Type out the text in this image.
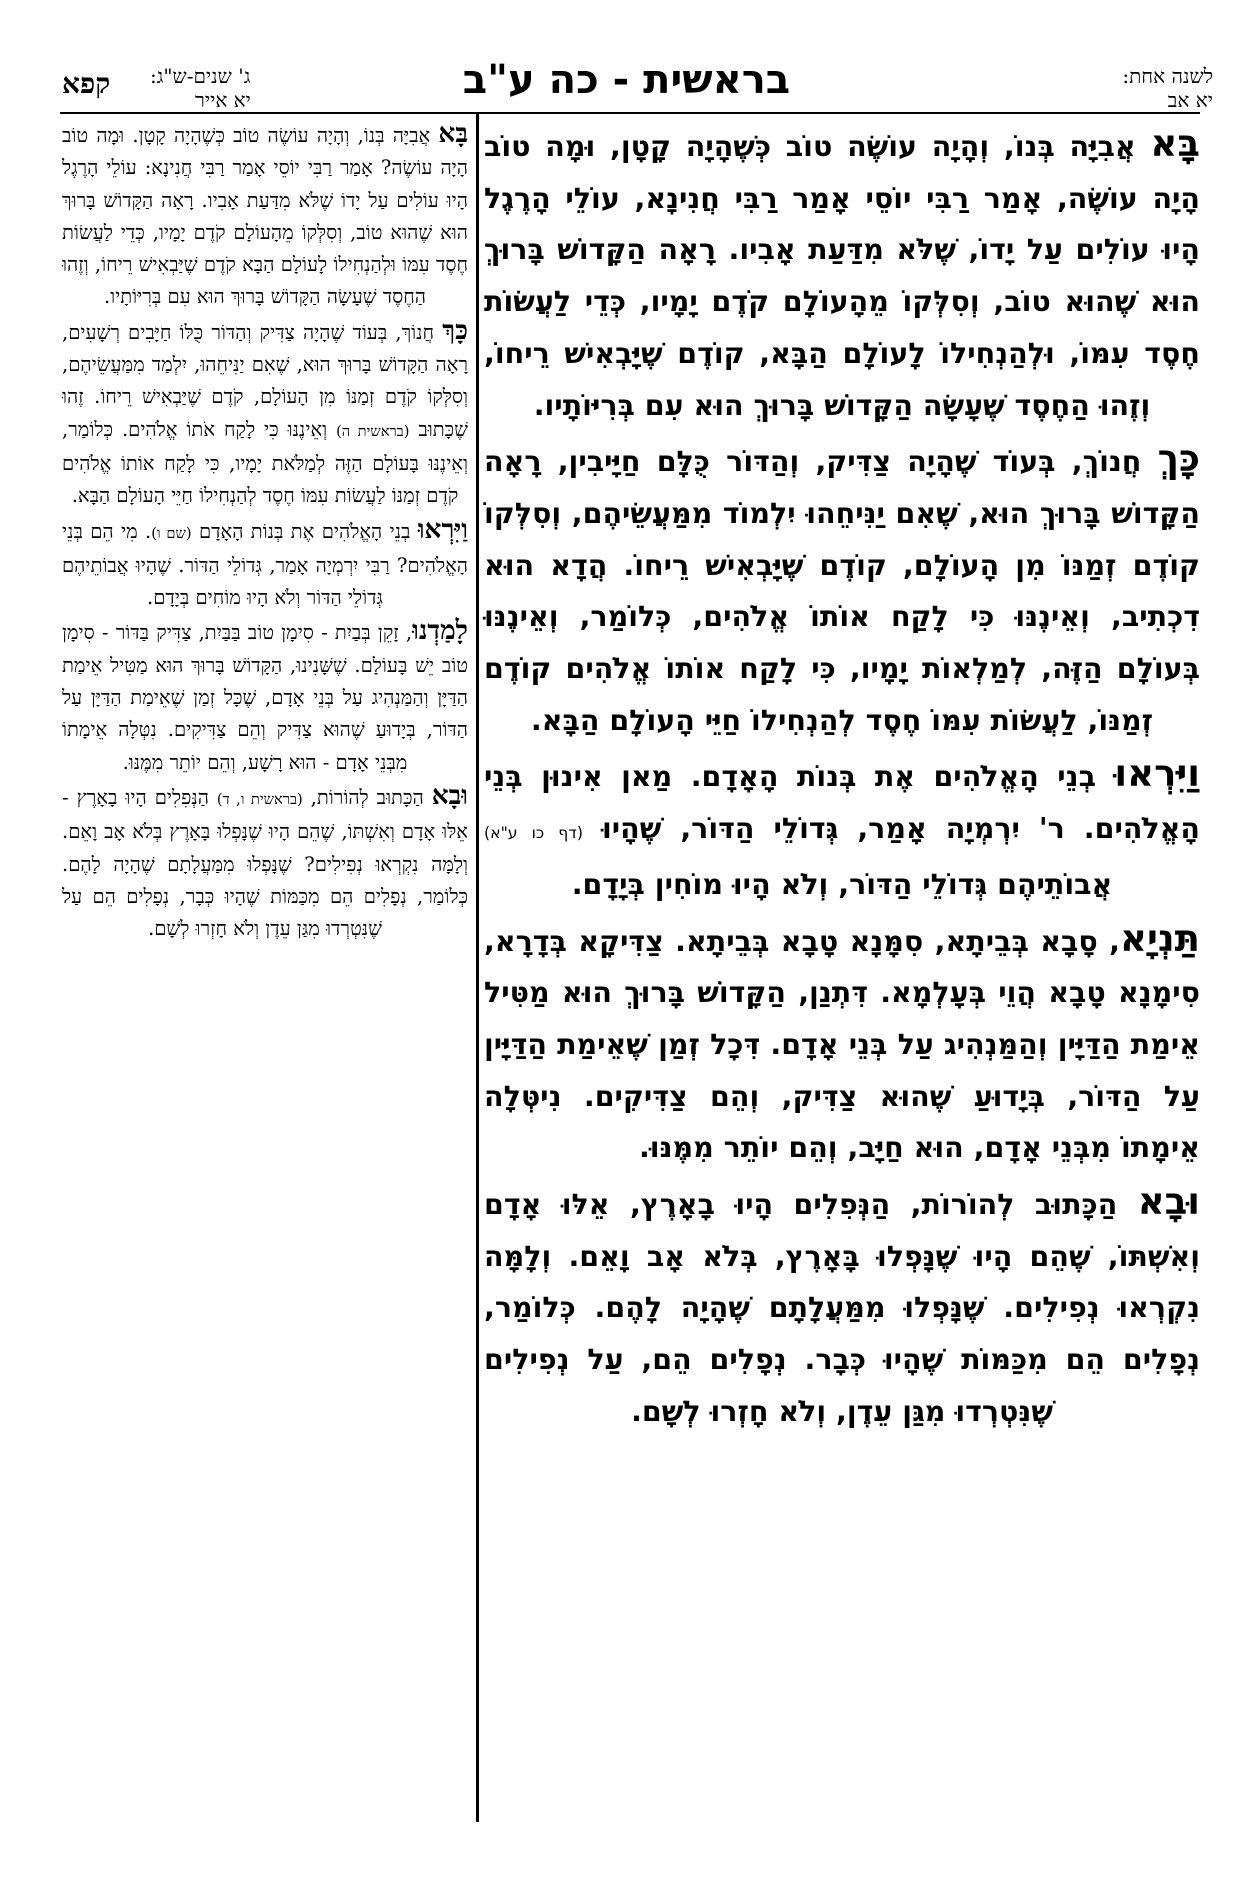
לשנה אחת:
יא אב
בראשית - כה ע"ב
ג' שנים-ש"ג:
יא אייר
קפא

בָּא אֲבִיָּה בְּנוֹ, וְהָיָה עוֹשֶׂה טוֹב כְּשֶׁהָיָה קָטָן, וּמָה טוֹב הָיָה עוֹשֶׂה, אָמַר רַבִּי יוֹסֵי אָמַר רַבִּי חֲנִינָא, עוֹלֵי הָרֶגֶל הָיוּ עוֹלִים עַל יָדוֹ, שֶׁלֹּא מִדַּעַת אָבִיו. רָאָה הַקָּדוֹשׁ בָּרוּךְ הוּא שֶׁהוּא טוֹב, וְסִלְּקוֹ מֵהָעוֹלָם קֹדֶם יָמָיו, כְּדֵי לַעֲשׂוֹת חֶסֶד עִמּוֹ, וּלְהַנְחִילוֹ לָעוֹלָם הַבָּא, קוֹדֶם שֶׁיָּבְאִישׁ רֵיחוֹ, וְזֶהוּ הַחֶסֶד שֶׁעָשָׂה הַקָּדוֹשׁ בָּרוּךְ הוּא עִם בְּרִיּוֹתָיו.

כָּךְ חֲנוֹךְ, בְּעוֹד שֶׁהָיָה צַדִּיק, וְהַדּוֹר כֻּלָּם חַיָּיבִין, רָאָה הַקָּדוֹשׁ בָּרוּךְ הוּא, שֶׁאִם יַנִּיחֵהוּ יִלְמוֹד מִמַּעֲשֵׂיהֶם, וְסִלְּקוֹ קוֹדֶם זְמַנּוֹ מִן הָעוֹלָם, קוֹדֶם שֶׁיָּבְאִישׁ רֵיחוֹ. הֲדָא הוּא דִכְתִיב, וְאֵינֶנּוּ כִּי לָקַח אוֹתוֹ אֱלֹהִים, כְּלוֹמַר, וְאֵינֶנּוּ בְּעוֹלָם הַזֶּה, לְמַלְאוֹת יָמָיו, כִּי לָקַח אוֹתוֹ אֱלֹהִים קוֹדֶם זְמַנּוֹ, לַעֲשׂוֹת עִמּוֹ חֶסֶד לְהַנְחִילוֹ חַיֵּי הָעוֹלָם הַבָּא.

וַיִּרְאוּ בְנֵי הָאֱלֹהִים אֶת בְּנוֹת הָאָדָם. מַאן אִינוּן בְּנֵי הָאֱלֹהִים. ר' יִרְמְיָה אָמַר, גְּדוֹלֵי הַדּוֹר, שֶׁהָיוּ (דף כו ע"א) אֲבוֹתֵיהֶם גְּדוֹלֵי הַדּוֹר, וְלֹא הָיוּ מוֹחִין בְּיָדָם.

תַּנְיָא, סָבָא בְּבֵיתָא, סִמָּנָא טָבָא בְּבֵיתָא. צַדִּיקָא בְּדָרָא, סִימָנָא טָבָא הֲוֵי בְּעָלְמָא. דִּתְנַן, הַקָּדוֹשׁ בָּרוּךְ הוּא מַטִּיל אֵימַת הַדַּיָּין וְהַמַּנְהִיג עַל בְּנֵי אָדָם. דִּכָל זְמַן שֶׁאֵימַת הַדַּיָּין עַל הַדּוֹר, בְּיָדוּעַ שֶׁהוּא צַדִּיק, וְהֵם צַדִּיקִים. נִיטְּלָה אֵימָתוֹ מִבְּנֵי אָדָם, הוּא חַיָּב, וְהֵם יוֹתֵר מִמֶּנּוּ.

וּבָא הַכָּתוּב לְהוֹרוֹת, הַנְּפִלִים הָיוּ בָאָרֶץ, אֵלּוּ אָדָם וְאִשְׁתּוֹ, שֶׁהֵם הָיוּ שֶׁנָּפְלוּ בָּאָרֶץ, בְּלֹא אָב וָאֵם. וְלָמָּה נִקְרְאוּ נְפִילִים. שֶׁנָּפְלוּ מִמַּעֲלָתָם שֶׁהָיָה לָהֶם. כְּלוֹמַר, נְפָלִים הֵם מִכַּמּוֹת שֶׁהָיוּ כְּבָר. נְפָלִים הֵם, עַל נְפִילִים שֶׁנִּטְרְדוּ מִגַּן עֵדֶן, וְלֹא חָזְרוּ לְשָׁם.

בָּא אֲבִיָּה בְּנוֹ, וְהָיָה עוֹשֶׂה טוֹב כְּשֶׁהָיָה קָטָן. וּמָה טוֹב הָיָה עוֹשֶׂה? אָמַר רַבִּי יוֹסֵי אָמַר רַבִּי חֲנִינָא: עוֹלֵי הָרֶגֶל הָיוּ עוֹלִים עַל יָדוֹ שֶׁלֹּא מִדַּעַת אָבִיו. רָאָה הַקָּדוֹשׁ בָּרוּךְ הוּא שֶׁהוּא טוֹב, וְסִלְּקוֹ מֵהָעוֹלָם קֹדֶם יָמָיו, כְּדֵי לַעֲשׂוֹת חֶסֶד עִמּוֹ וּלְהַנְחִילוֹ לָעוֹלָם הַבָּא קֹדֶם שֶׁיַּבְאִישׁ רֵיחוֹ, וְזֶהוּ הַחֶסֶד שֶׁעָשָׂה הַקָּדוֹשׁ בָּרוּךְ הוּא עִם בְּרִיּוֹתָיו.

כָּךְ חֲנוֹךְ, בְּעוֹד שֶׁהָיָה צַדִּיק וְהַדּוֹר כֻּלּוֹ חַיָּבִים רְשָׁעִים, רָאָה הַקָּדוֹשׁ בָּרוּךְ הוּא, שֶׁאִם יַנִּיחֵהוּ, יִלְמַד מִמַּעֲשֵׂיהֶם, וְסִלְּקוֹ קֹדֶם זְמַנּוֹ מִן הָעוֹלָם, קֹדֶם שֶׁיַּבְאִישׁ רֵיחוֹ. זֶהוּ שֶׁכָּתוּב (בראשית ה) וְאֵינֶנּוּ כִּי לָקַח אֹתוֹ אֱלֹהִים. כְּלוֹמַר, וְאֵינֶנּוּ בָּעוֹלָם הַזֶּה לְמַלֹּאת יָמָיו, כִּי לָקַח אוֹתוֹ אֱלֹהִים קֹדֶם זְמַנּוֹ לַעֲשׂוֹת עִמּוֹ חֶסֶד לְהַנְחִילוֹ חַיֵּי הָעוֹלָם הַבָּא.

וַיִּרְאוּ בְנֵי הָאֱלֹהִים אֶת בְּנוֹת הָאָדָם (שם ו). מִי הֵם בְּנֵי הָאֱלֹהִים? רַבִּי יִרְמְיָה אָמַר, גְּדוֹלֵי הַדּוֹר. שֶׁהָיוּ אֲבוֹתֵיהֶם גְּדוֹלֵי הַדּוֹר וְלֹא הָיוּ מוֹחִים בְּיָדָם.

לָמַדְנוּ, זָקֵן בְּבַיִת - סִימָן טוֹב בַּבַּיִת, צַדִּיק בַּדּוֹר - סִימָן טוֹב יֵשׁ בָּעוֹלָם. שֶׁשָּׁנִינוּ, הַקָּדוֹשׁ בָּרוּךְ הוּא מַטִּיל אֵימַת הַדַּיָּן וְהַמַּנְהִיג עַל בְּנֵי אָדָם, שֶׁכָּל זְמַן שֶׁאֵימַת הַדַּיָּן עַל הַדּוֹר, בְּיָדוּעַ שֶׁהוּא צַדִּיק וְהֵם צַדִּיקִים. נִטְּלָה אֵימָתוֹ מִבְּנֵי אָדָם - הוּא רָשָׁע, וְהֵם יוֹתֵר מִמֶּנּוּ.

וּבָא הַכָּתוּב לְהוֹרוֹת, (בראשית ו, ד) הַנְּפִלִים הָיוּ בָאָרֶץ - אֵלּוּ אָדָם וְאִשְׁתּוֹ, שֶׁהֵם הָיוּ שֶׁנָּפְלוּ בָּאָרֶץ בְּלֹא אָב וָאֵם. וְלָמָּה נִקְרְאוּ נְפִילִים? שֶׁנָּפְלוּ מִמַּעֲלָתָם שֶׁהָיָה לָהֶם. כְּלוֹמַר, נְפָלִים הֵם מִכַּמּוֹת שֶׁהָיוּ כְּבָר, נְפָלִים הֵם עַל שֶׁנִּטְרְדוּ מִגַּן עֵדֶן וְלֹא חָזְרוּ לְשָׁם.
